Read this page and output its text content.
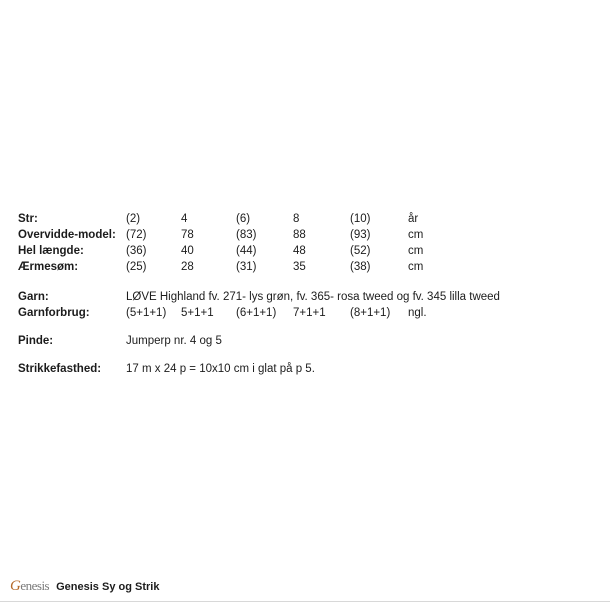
Str:	(2)	4	(6)	8	(10)	år
Overvidde-model:	(72)	78	(83)	88	(93)	cm
Hel længde:	(36)	40	(44)	48	(52)	cm
Ærmesøm:	(25)	28	(31)	35	(38)	cm
Garn:	LØVE Highland fv. 271- lys grøn, fv. 365- rosa tweed og fv. 345 lilla tweed
Garnforbrug:	(5+1+1)	5+1+1	(6+1+1)	7+1+1	(8+1+1)	ngl.
Pinde:	Jumperp nr. 4 og 5
Strikkefasthed:	17 m x 24 p = 10x10 cm i glat på p 5.
Genesis Genesis Sy og Strik
